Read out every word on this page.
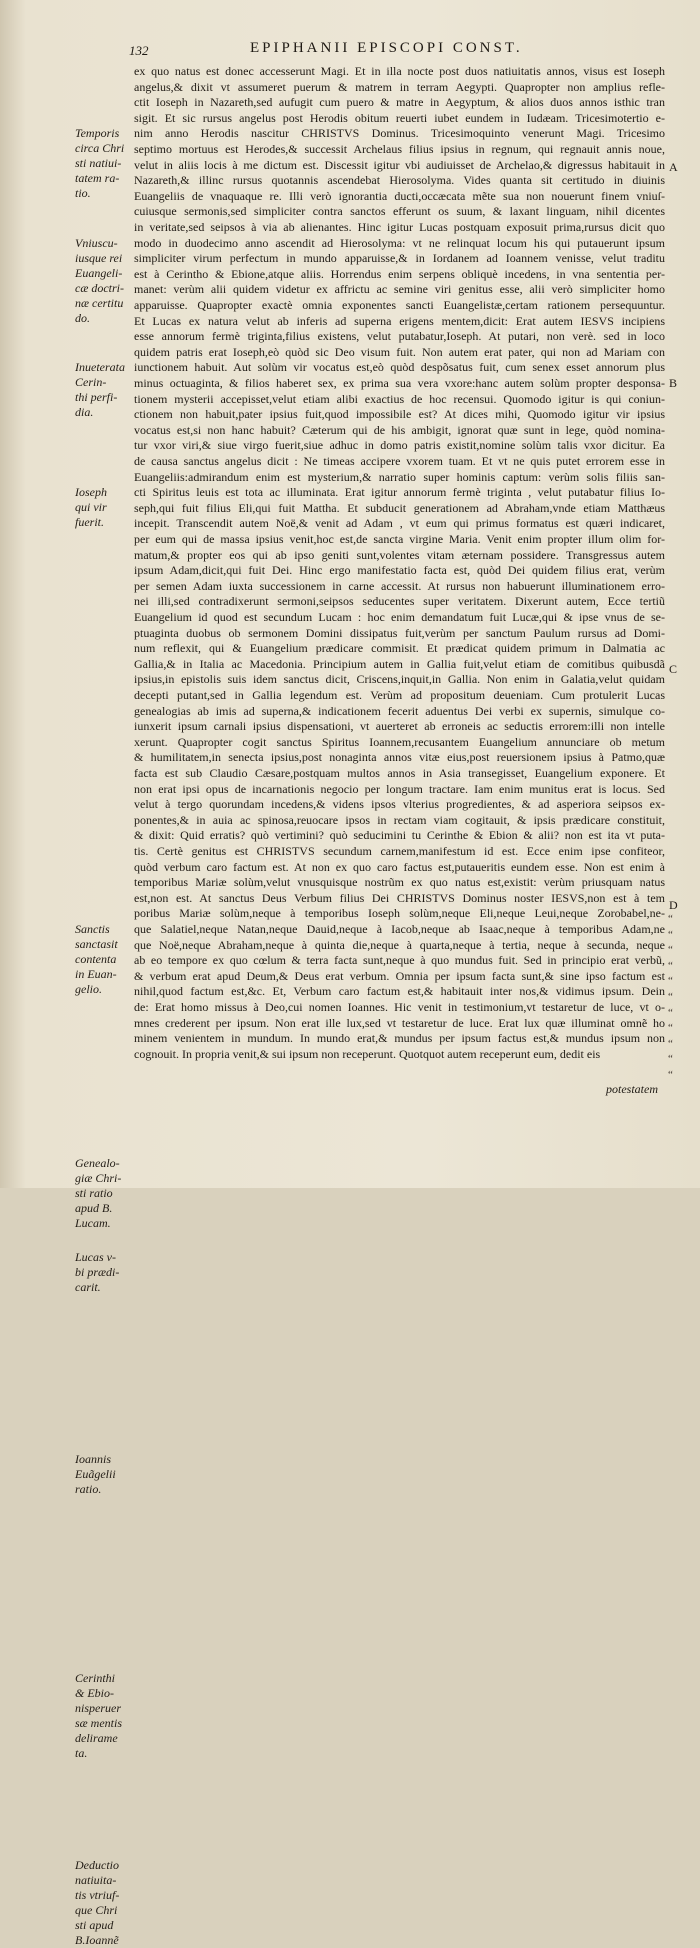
132	EPIPHANII EPISCOPI CONST.
Temporis
circa Chri
sti natiui-
tatem ra-
tio.
Vniuscu-
iusque rei
Euangeli-
cæ doctri-
næ certitu
do.
Inueterata
Cerin-
thi perfi-
dia.
Ioseph
qui vir
fuerit.
Sanctis
sanctasit
contenta
in Euan-
gelio.
Genealo-
giæ Chri-
sti ratio
apud B.
Lucam.
Lucas v-
bi prædi-
carit.
Ioannis
Euãgelii
ratio.
Cerinthi
& Ebio-
nisperuer
sæ mentis
delirame
ta.
Deductio
natiuita-
tis vtriuf-
que Chri
sti apud
B.Ioannẽ
ex quo natus est donec accesserunt Magi. Et in illa nocte post duos natiuitatis annos, visus est Ioseph
angelus,& dixit vt assumeret puerum & matrem in terram Aegypti. Quapropter non amplius refle-
ctit Ioseph in Nazareth,sed aufugit cum puero & matre in Aegyptum, & alios duos annos isthic tran
sigit. Et sic rursus angelus post Herodis obitum reuerti iubet eundem in Iudæam. Tricesimotertio e-
nim anno Herodis nascitur CHRISTVS Dominus. Tricesimoquinto venerunt Magi. Tricesimo
septimo mortuus est Herodes,& successit Archelaus filius ipsius in regnum, qui regnauit annis noue,
velut in aliis locis à me dictum est. Discessit igitur vbi audiuisset de Archelao,& digressus habitauit in
Nazareth,& illinc rursus quotannis ascendebat Hierosolyma. Vides quanta sit certitudo in diuinis
Euangeliis de vnaquaque re. Illi verò ignorantia ducti,occæcata mẽte sua non nouerunt finem vniuſ-
cuiusque sermonis,sed simpliciter contra sanctos efferunt os suum, & laxant linguam, nihil dicentes
in veritate,sed seipsos à via ab alienantes. Hinc igitur Lucas postquam exposuit prima,rursus dicit quo
modo in duodecimo anno ascendit ad Hierosolyma: vt ne relinquat locum his qui putauerunt ipsum
simpliciter virum perfectum in mundo apparuisse,& in Iordanem ad Ioannem venisse, velut traditu
est à Cerintho & Ebione,atque aliis. Horrendus enim serpens obliquè incedens, in vna sententia per-
manet: verùm alii quidem videtur ex affrictu ac semine viri genitus esse, alii verò simpliciter homo
apparuisse. Quapropter exactè omnia exponentes sancti Euangelistæ,certam rationem persequuntur.
Et Lucas ex natura velut ab inferis ad superna erigens mentem,dicit: Erat autem IESVS incipiens
esse annorum fermè triginta,filius existens, velut putabatur,Ioseph. At putari, non verè. sed in loco
quidem patris erat Ioseph,eò quòd sic Deo visum fuit. Non autem erat pater, qui non ad Mariam con
iunctionem habuit. Aut solùm vir vocatus est,eò quòd despõsatus fuit, cum senex esset annorum plus
minus octuaginta, & filios haberet sex, ex prima sua vera vxore:hanc autem solùm propter desponsa-
tionem mysterii accepisset,velut etiam alibi exactius de hoc recensui. Quomodo igitur is qui coniun-
ctionem non habuit,pater ipsius fuit,quod impossibile est? At dices mihi, Quomodo igitur vir ipsius
vocatus est,si non hanc habuit? Cæterum qui de his ambigit, ignorat quæ sunt in lege, quòd nomina-
tur vxor viri,& siue virgo fuerit,siue adhuc in domo patris existit,nomine solùm talis vxor dicitur. Ea
de causa sanctus angelus dicit : Ne timeas accipere vxorem tuam. Et vt ne quis putet errorem esse in
Euangeliis:admirandum enim est mysterium,& narratio super hominis captum: verùm solis filiis san-
cti Spiritus leuis est tota ac illuminata. Erat igitur annorum fermè triginta , velut putabatur filius Io-
seph,qui fuit filius Eli,qui fuit Mattha. Et subducit generationem ad Abraham,vnde etiam Matthæus
incepit. Transcendit autem Noë,& venit ad Adam , vt eum qui primus formatus est quæri indicaret,
per eum qui de massa ipsius venit,hoc est,de sancta virgine Maria. Venit enim propter illum olim for-
matum,& propter eos qui ab ipso geniti sunt,volentes vitam æternam possidere. Transgressus autem
ipsum Adam,dicit,qui fuit Dei. Hinc ergo manifestatio facta est, quòd Dei quidem filius erat, verùm
per semen Adam iuxta successionem in carne accessit. At rursus non habuerunt illuminationem erro-
nei illi,sed contradixerunt sermoni,seipsos seducentes super veritatem. Dixerunt autem, Ecce tertiũ
Euangelium id quod est secundum Lucam : hoc enim demandatum fuit Lucæ,qui & ipse vnus de se-
ptuaginta duobus ob sermonem Domini dissipatus fuit,verùm per sanctum Paulum rursus ad Domi-
num reflexit, qui & Euangelium prædicare commisit. Et prædicat quidem primum in Dalmatia ac
Gallia,& in Italia ac Macedonia. Principium autem in Gallia fuit,velut etiam de comitibus quibusdã
ipsius,in epistolis suis idem sanctus dicit, Criscens,inquit,in Gallia. Non enim in Galatia,velut quidam
decepti putant,sed in Gallia legendum est. Verùm ad propositum deueniam. Cum protulerit Lucas
genealogias ab imis ad superna,& indicationem fecerit aduentus Dei verbi ex supernis, simulque co-
iunxerit ipsum carnali ipsius dispensationi, vt auerteret ab erroneis ac seductis errorem:illi non intelle
xerunt. Quapropter cogit sanctus Spiritus Ioannem,recusantem Euangelium annunciare ob metum
& humilitatem,in senecta ipsius,post nonaginta annos vitæ eius,post reuersionem ipsius à Patmo,quæ
facta est sub Claudio Cæsare,postquam multos annos in Asia transegisset, Euangelium exponere. Et
non erat ipsi opus de incarnationis negocio per longum tractare. Iam enim munitus erat is locus. Sed
velut à tergo quorundam incedens,& videns ipsos vlterius progredientes, & ad asperiora seipsos ex-
ponentes,& in auia ac spinosa,reuocare ipsos in rectam viam cogitauit, & ipsis prædicare constituit,
& dixit: Quid erratis? quò vertimini? quò seducimini tu Cerinthe & Ebion & alii? non est ita vt puta-
tis. Certè genitus est CHRISTVS secundum carnem,manifestum id est. Ecce enim ipse confiteor,
quòd verbum caro factum est. At non ex quo caro factus est,putaueritis eundem esse. Non est enim à
temporibus Mariæ solùm,velut vnusquisque nostrũm ex quo natus est,existit: verùm priusquam natus
est,non est. At sanctus Deus Verbum filius Dei CHRISTVS Dominus noster IESVS,non est à tem
poribus Mariæ solùm,neque à temporibus Ioseph solùm,neque Eli,neque Leui,neque Zorobabel,ne-
que Salatiel,neque Natan,neque Dauid,neque à Iacob,neque ab Isaac,neque à temporibus Adam,ne
que Noë,neque Abraham,neque à quinta die,neque à quarta,neque à tertia, neque à secunda, neque
ab eo tempore ex quo cœlum & terra facta sunt,neque à quo mundus fuit. Sed in principio erat verbũ,
& verbum erat apud Deum,& Deus erat verbum. Omnia per ipsum facta sunt,& sine ipso factum est
nihil,quod factum est,&c. Et, Verbum caro factum est,& habitauit inter nos,& vidimus ipsum. Dein
de: Erat homo missus à Deo,cui nomen Ioannes. Hic venit in testimonium,vt testaretur de luce, vt o-
mnes crederent per ipsum. Non erat ille lux,sed vt testaretur de luce. Erat lux quæ illuminat omnẽ ho
minem venientem in mundum. In mundo erat,& mundus per ipsum factus est,& mundus ipsum non
cognouit. In propria venit,& sui ipsum non receperunt. Quotquot autem receperunt eum, dedit eis
A
B
C
D
“
“
“
“
“
“
“
“
“
“
“
potestatem
